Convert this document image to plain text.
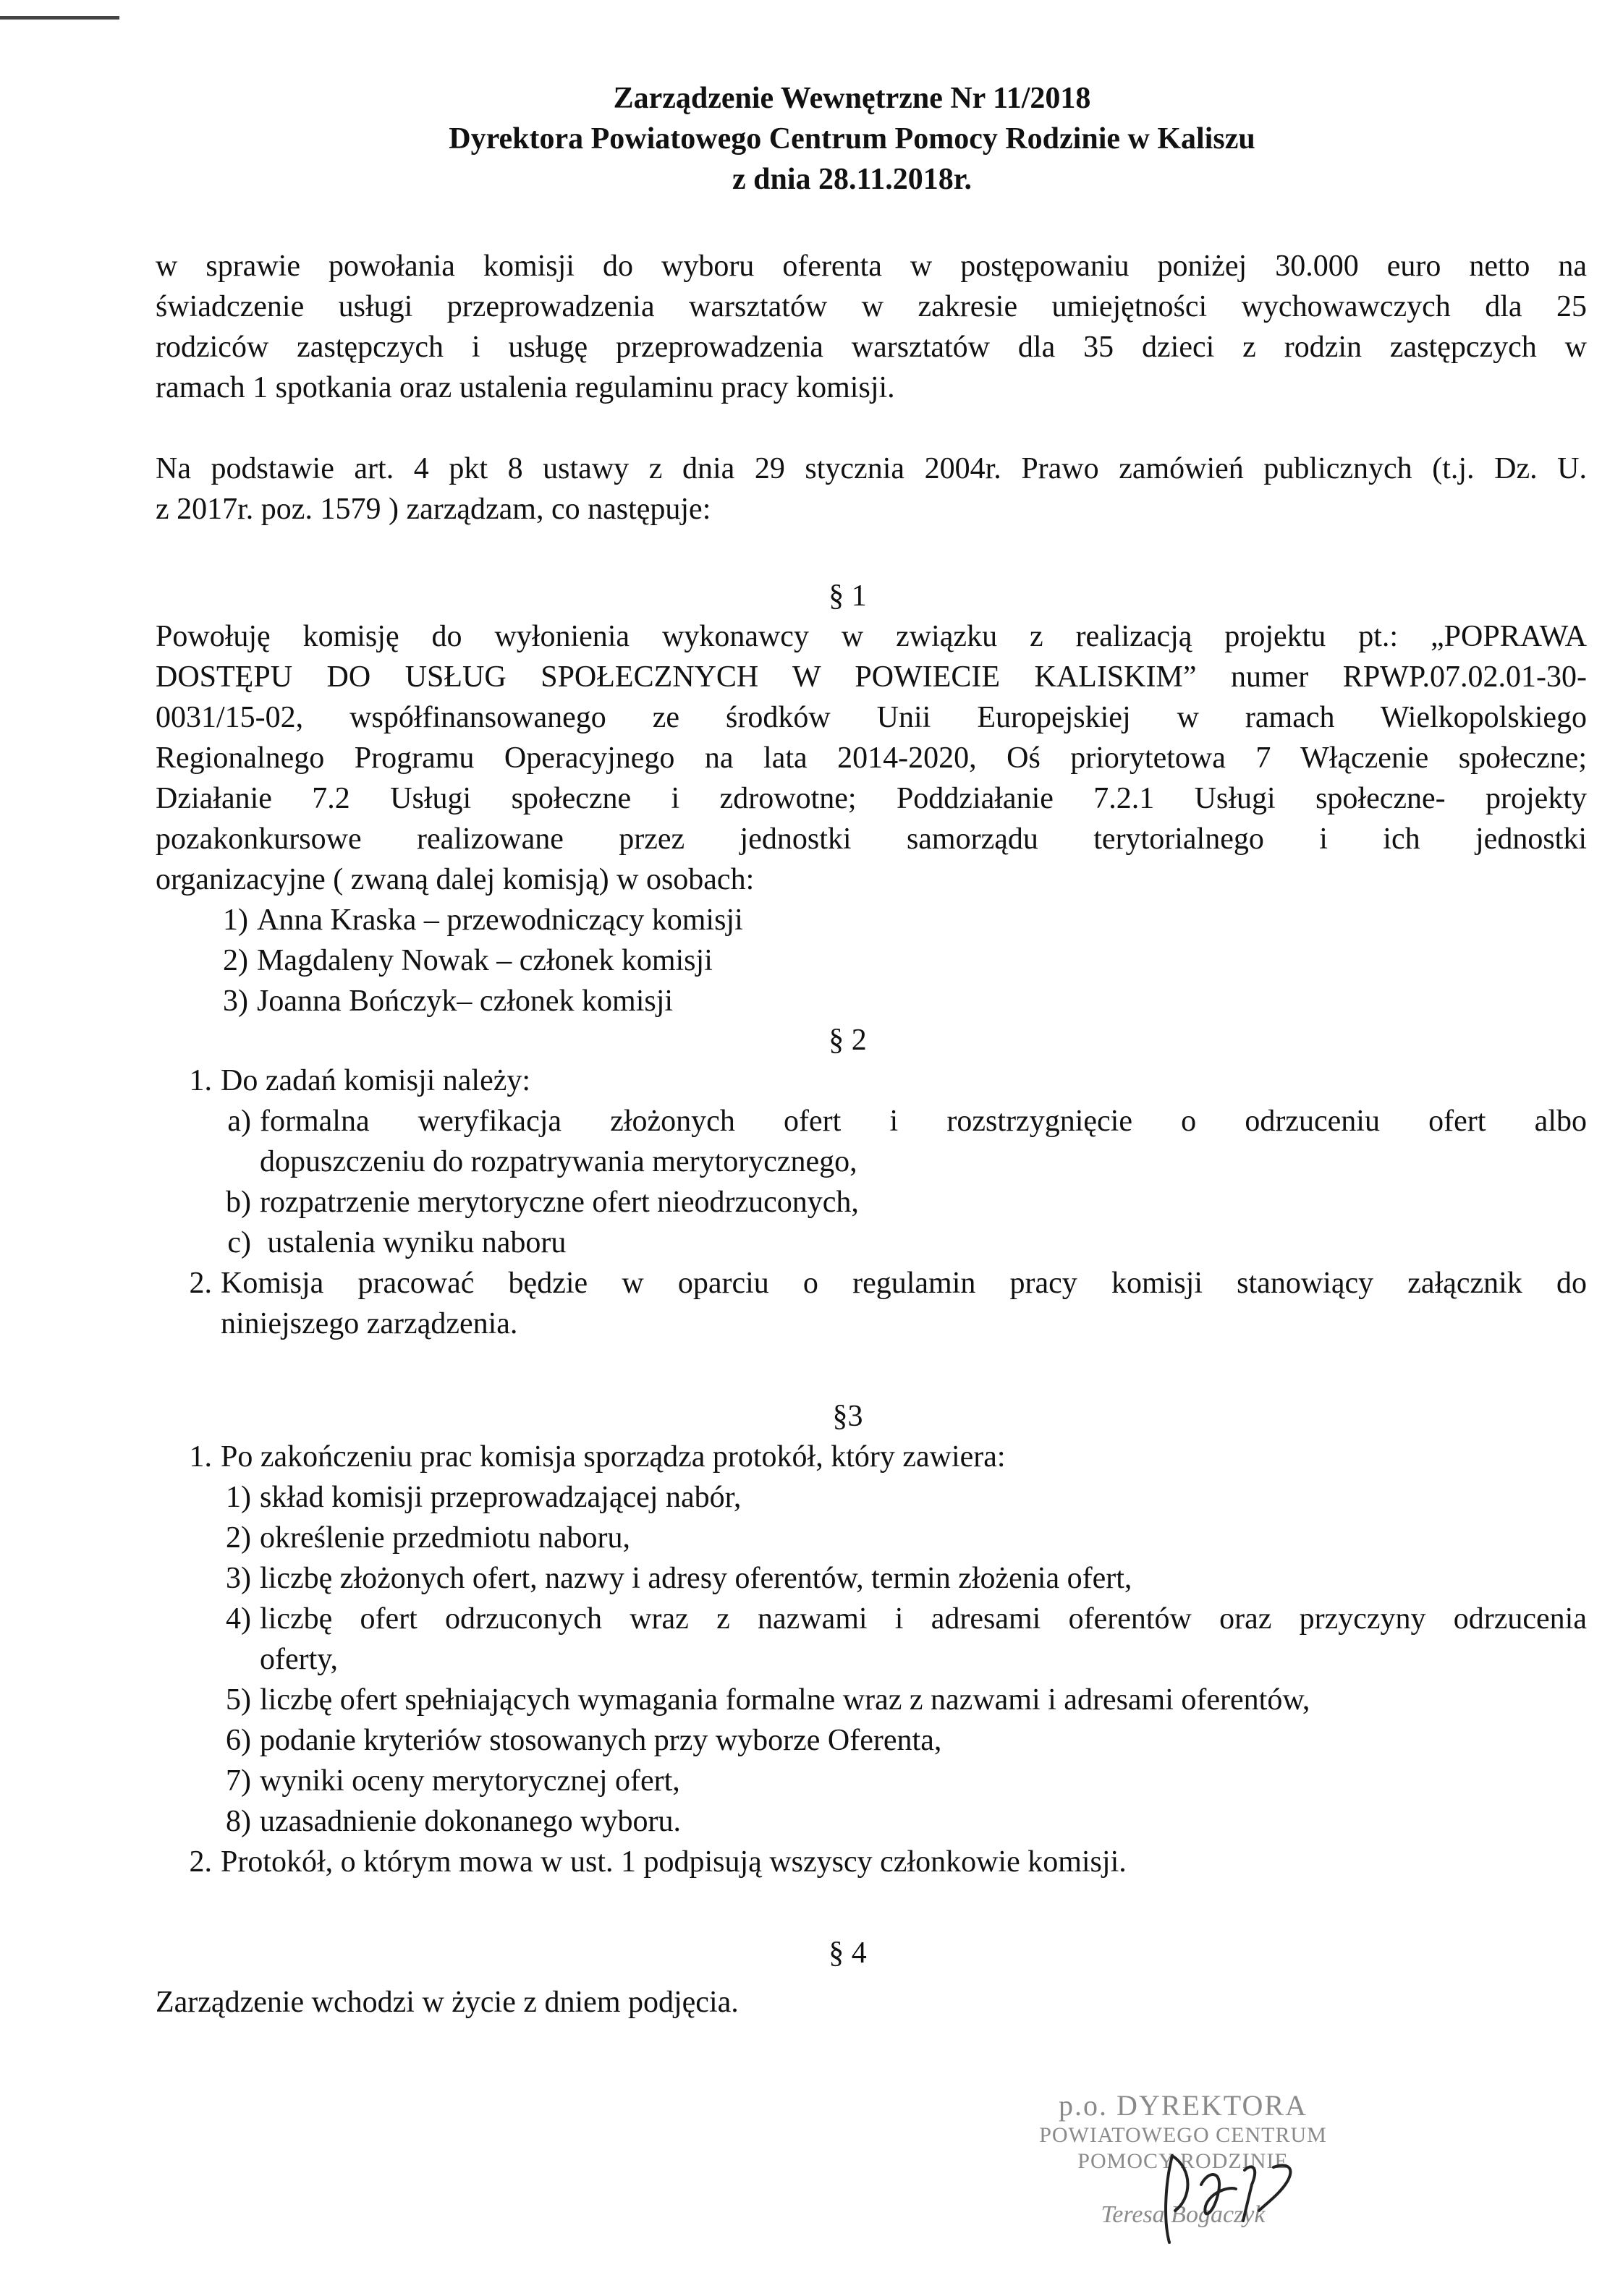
Zarządzenie Wewnętrzne Nr 11/2018
Dyrektora Powiatowego Centrum Pomocy Rodzinie w Kaliszu
z dnia 28.11.2018r.
w sprawie powołania komisji do wyboru oferenta w postępowaniu poniżej 30.000 euro netto na
świadczenie usługi przeprowadzenia warsztatów w zakresie umiejętności wychowawczych dla 25
rodziców zastępczych i usługę przeprowadzenia warsztatów dla 35 dzieci z rodzin zastępczych w
ramach 1 spotkania oraz ustalenia regulaminu pracy komisji.
Na podstawie art. 4 pkt 8 ustawy z dnia 29 stycznia 2004r. Prawo zamówień publicznych (t.j. Dz. U.
z 2017r. poz. 1579 ) zarządzam, co następuje:
§ 1
Powołuję komisję do wyłonienia wykonawcy w związku z realizacją projektu pt.: „POPRAWA
DOSTĘPU DO USŁUG SPOŁECZNYCH W POWIECIE KALISKIM” numer RPWP.07.02.01-30-
0031/15-02, współfinansowanego ze środków Unii Europejskiej w ramach Wielkopolskiego
Regionalnego Programu Operacyjnego na lata 2014-2020, Oś priorytetowa 7 Włączenie społeczne;
Działanie 7.2 Usługi społeczne i zdrowotne; Poddziałanie 7.2.1 Usługi społeczne- projekty
pozakonkursowe realizowane przez jednostki samorządu terytorialnego i ich jednostki
organizacyjne ( zwaną dalej komisją) w osobach:
1) Anna Kraska – przewodniczący komisji
2) Magdaleny Nowak – członek komisji
3) Joanna Bończyk– członek komisji
§ 2
1. Do zadań komisji należy:
a) formalna weryfikacja złożonych ofert i rozstrzygnięcie o odrzuceniu ofert albo
dopuszczeniu do rozpatrywania merytorycznego,
b) rozpatrzenie merytoryczne ofert nieodrzuconych,
c) ustalenia wyniku naboru
2. Komisja pracować będzie w oparciu o regulamin pracy komisji stanowiący załącznik do
niniejszego zarządzenia.
§3
1. Po zakończeniu prac komisja sporządza protokół, który zawiera:
1) skład komisji przeprowadzającej nabór,
2) określenie przedmiotu naboru,
3) liczbę złożonych ofert, nazwy i adresy oferentów, termin złożenia ofert,
4) liczbę ofert odrzuconych wraz z nazwami i adresami oferentów oraz przyczyny odrzucenia
oferty,
5) liczbę ofert spełniających wymagania formalne wraz z nazwami i adresami oferentów,
6) podanie kryteriów stosowanych przy wyborze Oferenta,
7) wyniki oceny merytorycznej ofert,
8) uzasadnienie dokonanego wyboru.
2. Protokół, o którym mowa w ust. 1 podpisują wszyscy członkowie komisji.
§ 4
Zarządzenie wchodzi w życie z dniem podjęcia.
p.o. DYREKTORA
POWIATOWEGO CENTRUM
POMOCY RODZINIE
Teresa Bogaczyk
